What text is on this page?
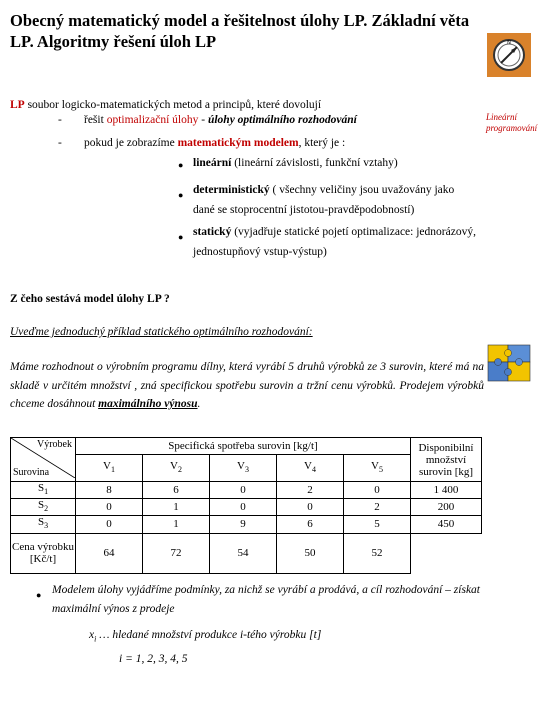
Obecný matematický model a řešitelnost úlohy LP. Základní věta LP. Algoritmy řešení úloh LP	N
Lineární programování
LP soubor logicko-matematických metod a principů, které dovolují
- řešit optimalizační úlohy - úlohy optimálního rozhodování
- pokud je zobrazíme matematickým modelem, který je :
● lineární (lineární závislosti, funkční vztahy)
● deterministický ( všechny veličiny jsou uvažovány jako dané se stoprocentní jistotou-pravděpodobností)
● statický (vyjadřuje statické pojetí optimalizace: jednorázový, jednostupňový vstup-výstup)
Z čeho sestává model úlohy LP ?
Uveďme jednoduchý příklad statického optimálního rozhodování:
Máme rozhodnout o výrobním programu dílny, která vyrábí 5 druhů výrobků ze 3 surovin, které má na skladě v určitém množství , zná specifickou spotřebu surovin a tržní cenu výrobků. Prodejem výrobků chceme dosáhnout maximálního výnosu.
Výrobek
Surovina	Specifická spotřeba surovin [kg/t]					Disponibilní množství surovin [kg]
	$V_1$	$V_2$	$V_3$	$V_4$	$V_5$
$S_1$	8	6	0	2	0	1 400
$S_2$	0	1	0	0	2	200
$S_3$	0	1	9	6	5	450
Cena výrobku [Kč/t]	64	72	54	50	52	
● Modelem úlohy vyjádříme podmínky, za nichž se vyrábí a prodává, a cíl rozhodování – získat maximální výnos z prodeje
$x_i$ … hledané množství produkce i-tého výrobku [t]
i = 1, 2, 3, 4, 5
